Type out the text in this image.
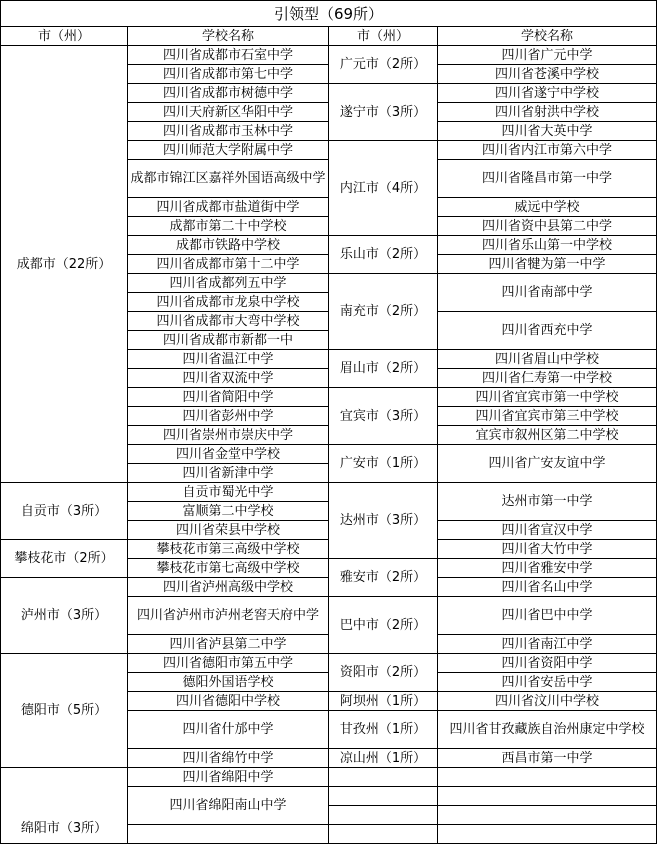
引领型（69所）			
市（州）	学校名称	市（州）	学校名称
成都市（22所）	四川省成都市石室中学	广元市（2所）	四川省广元中学
	四川省成都市第七中学		四川省苍溪中学校
	四川省成都市树德中学	遂宁市（3所）	四川省遂宁中学校
	四川天府新区华阳中学		四川省射洪中学校
	四川省成都市玉林中学		四川省大英中学
	四川师范大学附属中学	内江市（4所）	四川省内江市第六中学
	成都市锦江区嘉祥外国语高级中学		四川省隆昌市第一中学

	四川省成都市盐道街中学		威远中学校
	成都市第二十中学校		四川省资中县第二中学
	成都市铁路中学校	乐山市（2所）	四川省乐山第一中学校
	四川省成都市第十二中学		四川省犍为第一中学
	四川省成都列五中学	南充市（2所）	四川省南部中学
	四川省成都市龙泉中学校		
	四川省成都市大弯中学校		四川省西充中学
	四川省成都市新都一中		
	四川省温江中学	眉山市（2所）	四川省眉山中学校
	四川省双流中学		四川省仁寿第一中学校
	四川省简阳中学	宜宾市（3所）	四川省宜宾市第一中学校
	四川省彭州中学		四川省宜宾市第三中学校
	四川省崇州市崇庆中学		宜宾市叙州区第二中学校
	四川省金堂中学校	广安市（1所）	四川省广安友谊中学
	四川省新津中学		
自贡市（3所）	自贡市蜀光中学	达州市（3所）	达州市第一中学
	富顺第二中学校		
	四川省荣县中学校		四川省宣汉中学
攀枝花市（2所）	攀枝花市第三高级中学校		四川省大竹中学
	攀枝花市第七高级中学校	雅安市（2所）	四川省雅安中学
泸州市（3所）	四川省泸州高级中学校		四川省名山中学
	四川省泸州市泸州老窖天府中学	巴中市（2所）	四川省巴中中学

	四川省泸县第二中学		四川省南江中学
德阳市（5所）	四川省德阳市第五中学	资阳市（2所）	四川省资阳中学
	德阳外国语学校		四川省安岳中学
	四川省德阳中学校	阿坝州（1所）	四川省汶川中学校
	四川省什邡中学	甘孜州（1所）	四川省甘孜藏族自治州康定中学校

	四川省绵竹中学	凉山州（1所）	西昌市第一中学
绵阳市（3所）	四川省绵阳中学		
	四川省绵阳南山中学		
